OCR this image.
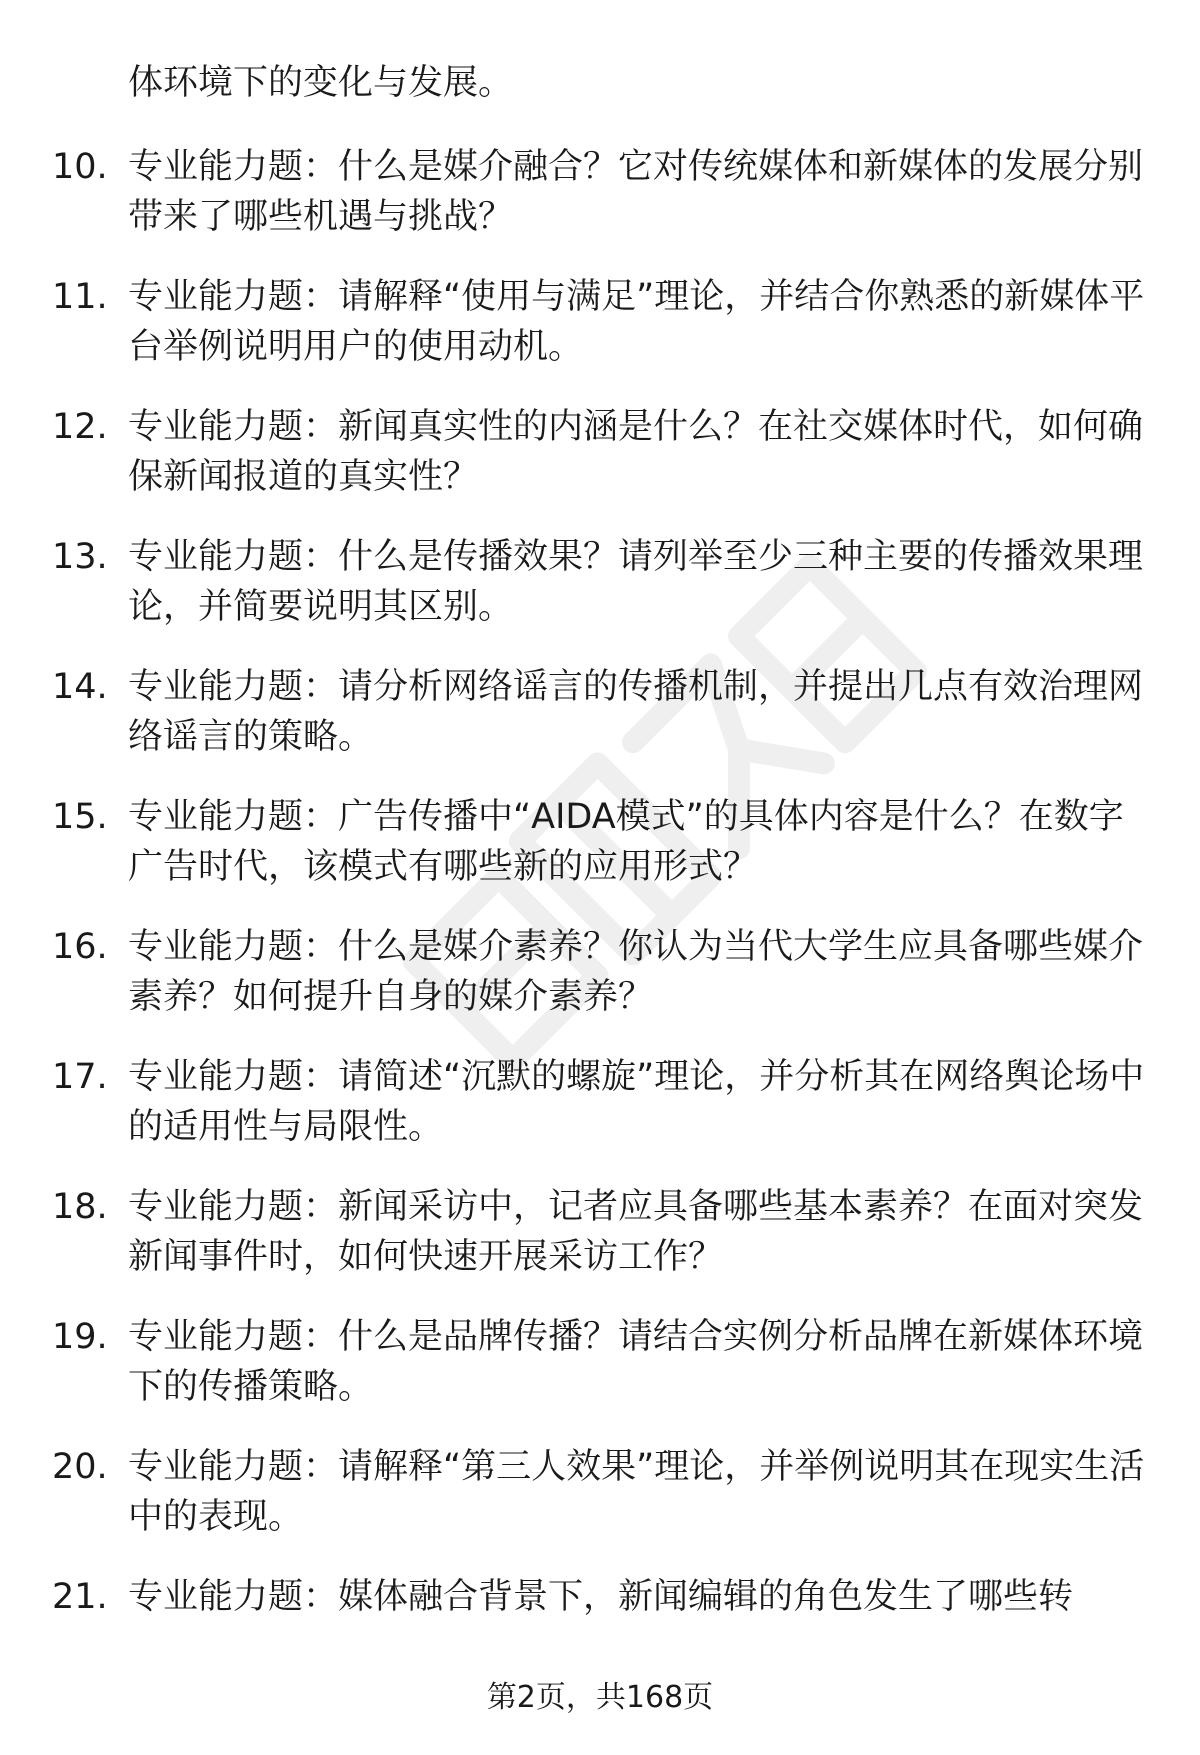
体环境下的变化与发展。

10. 专业能力题：什么是媒介融合？它对传统媒体和新媒体的发展分别带来了哪些机遇与挑战？

11. 专业能力题：请解释“使用与满足”理论，并结合你熟悉的新媒体平台举例说明用户的使用动机。

12. 专业能力题：新闻真实性的内涵是什么？在社交媒体时代，如何确保新闻报道的真实性？

13. 专业能力题：什么是传播效果？请列举至少三种主要的传播效果理论，并简要说明其区别。

14. 专业能力题：请分析网络谣言的传播机制，并提出几点有效治理网络谣言的策略。

15. 专业能力题：广告传播中“AIDA模式”的具体内容是什么？在数字广告时代，该模式有哪些新的应用形式？

16. 专业能力题：什么是媒介素养？你认为当代大学生应具备哪些媒介素养？如何提升自身的媒介素养？

17. 专业能力题：请简述“沉默的螺旋”理论，并分析其在网络舆论场中的适用性与局限性。

18. 专业能力题：新闻采访中，记者应具备哪些基本素养？在面对突发新闻事件时，如何快速开展采访工作？

19. 专业能力题：什么是品牌传播？请结合实例分析品牌在新媒体环境下的传播策略。

20. 专业能力题：请解释“第三人效果”理论，并举例说明其在现实生活中的表现。

21. 专业能力题：媒体融合背景下，新闻编辑的角色发生了哪些转

第2页，共168页
